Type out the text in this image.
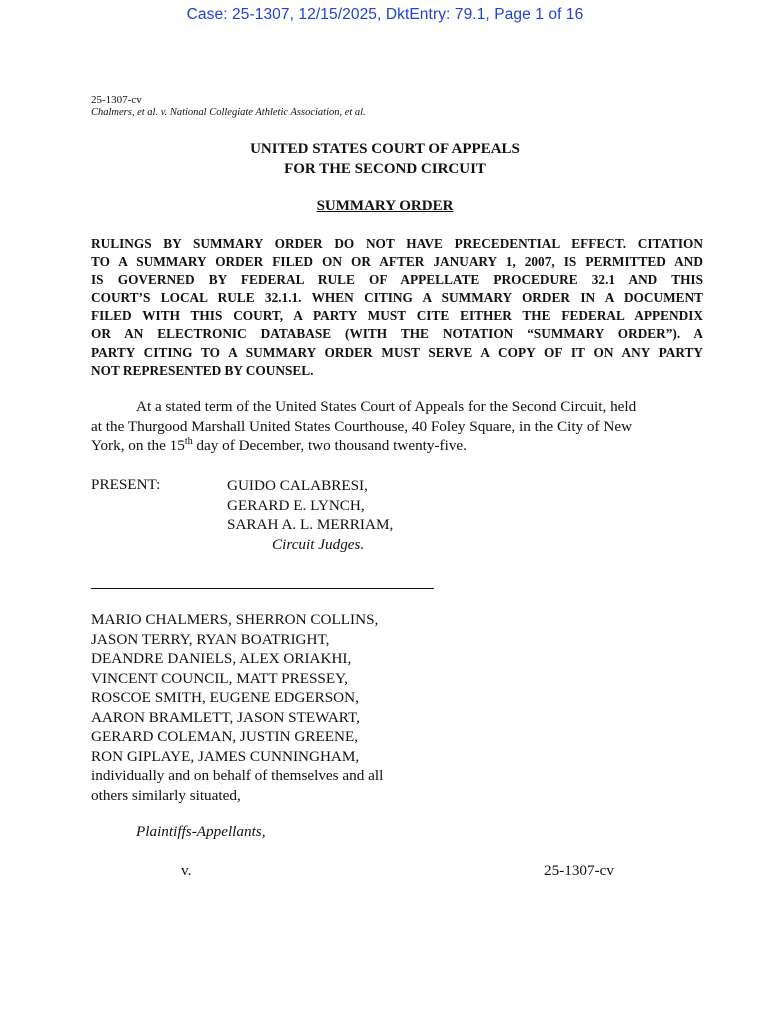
Case: 25-1307, 12/15/2025, DktEntry: 79.1, Page 1 of 16
25-1307-cv
Chalmers, et al. v. National Collegiate Athletic Association, et al.
UNITED STATES COURT OF APPEALS
FOR THE SECOND CIRCUIT
SUMMARY ORDER
RULINGS BY SUMMARY ORDER DO NOT HAVE PRECEDENTIAL EFFECT. CITATION
TO A SUMMARY ORDER FILED ON OR AFTER JANUARY 1, 2007, IS PERMITTED AND
IS GOVERNED BY FEDERAL RULE OF APPELLATE PROCEDURE 32.1 AND THIS
COURT’S LOCAL RULE 32.1.1. WHEN CITING A SUMMARY ORDER IN A DOCUMENT
FILED WITH THIS COURT, A PARTY MUST CITE EITHER THE FEDERAL APPENDIX
OR AN ELECTRONIC DATABASE (WITH THE NOTATION “SUMMARY ORDER”). A
PARTY CITING TO A SUMMARY ORDER MUST SERVE A COPY OF IT ON ANY PARTY
NOT REPRESENTED BY COUNSEL.
At a stated term of the United States Court of Appeals for the Second Circuit, held
at the Thurgood Marshall United States Courthouse, 40 Foley Square, in the City of New
York, on the 15th day of December, two thousand twenty-five.
PRESENT:	GUIDO CALABRESI,
GERARD E. LYNCH,
SARAH A. L. MERRIAM,
Circuit Judges.
MARIO CHALMERS, SHERRON COLLINS,
JASON TERRY, RYAN BOATRIGHT,
DEANDRE DANIELS, ALEX ORIAKHI,
VINCENT COUNCIL, MATT PRESSEY,
ROSCOE SMITH, EUGENE EDGERSON,
AARON BRAMLETT, JASON STEWART,
GERARD COLEMAN, JUSTIN GREENE,
RON GIPLAYE, JAMES CUNNINGHAM,
individually and on behalf of themselves and all
others similarly situated,
Plaintiffs-Appellants,
v.	25-1307-cv
